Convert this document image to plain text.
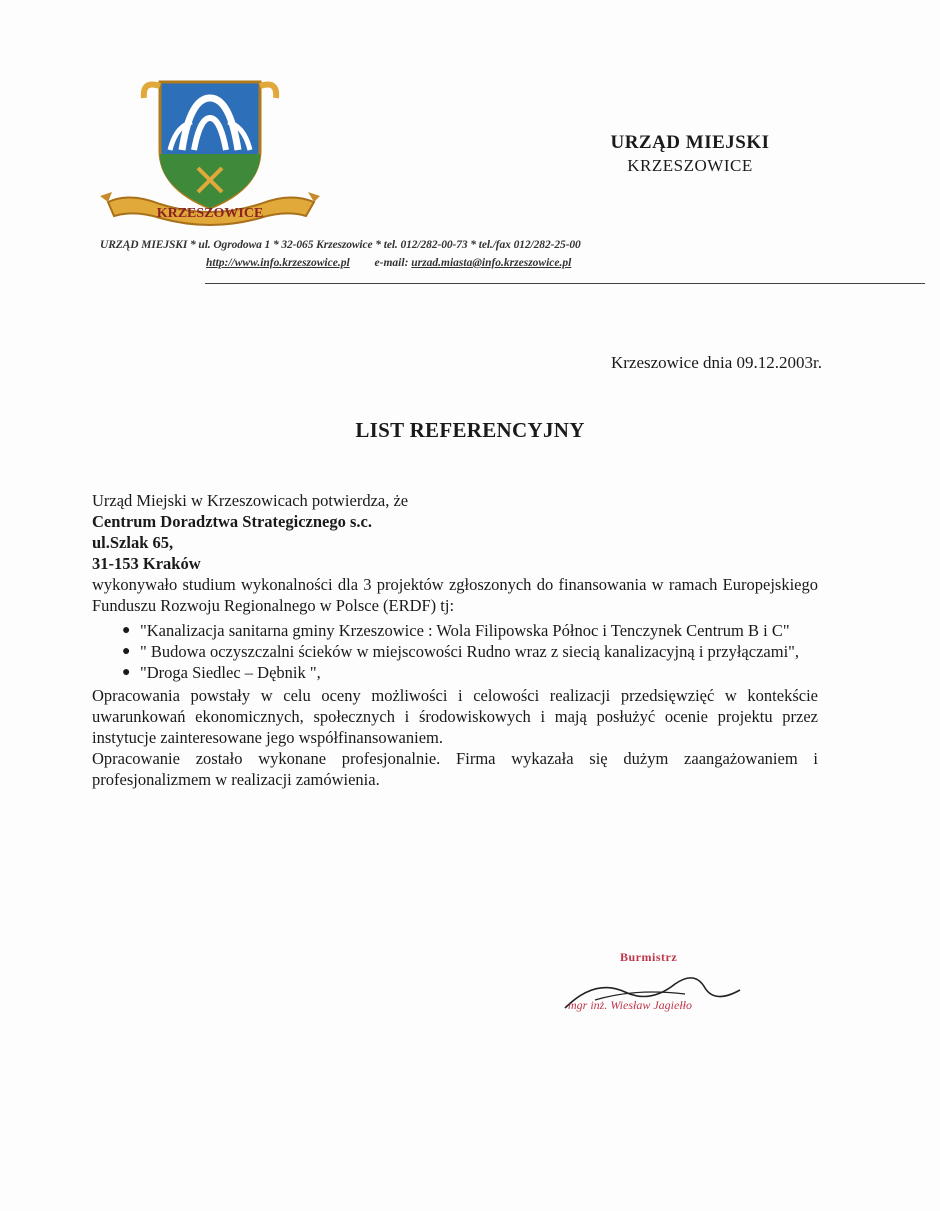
KRZESZOWICE
URZĄD MIEJSKI
KRZESZOWICE
URZĄD MIEJSKI * ul. Ogrodowa 1 * 32-065 Krzeszowice * tel. 012/282-00-73 * tel./fax 012/282-25-00
http://www.info.krzeszowice.pl e-mail: urzad.miasta@info.krzeszowice.pl
Krzeszowice dnia 09.12.2003r.
LIST REFERENCYJNY

Urząd Miejski w Krzeszowicach potwierdza, że

Centrum Doradztwa Strategicznego s.c.

ul.Szlak 65,

31-153 Kraków

wykonywało studium wykonalności dla 3 projektów zgłoszonych do finansowania w ramach Europejskiego Funduszu Rozwoju Regionalnego w Polsce (ERDF) tj:

● "Kanalizacja sanitarna gminy Krzeszowice : Wola Filipowska Północ i Tenczynek Centrum B i C"
● " Budowa oczyszczalni ścieków w miejscowości Rudno wraz z siecią kanalizacyjną i przyłączami",
● "Droga Siedlec – Dębnik ",

Opracowania powstały w celu oceny możliwości i celowości realizacji przedsięwzięć w kontekście uwarunkowań ekonomicznych, społecznych i środowiskowych i mają posłużyć ocenie projektu przez instytucje zainteresowane jego współfinansowaniem.

Opracowanie zostało wykonane profesjonalnie. Firma wykazała się dużym zaangażowaniem i profesjonalizmem w realizacji zamówienia.

Burmistrz
mgr inż. Wiesław Jagiełło
